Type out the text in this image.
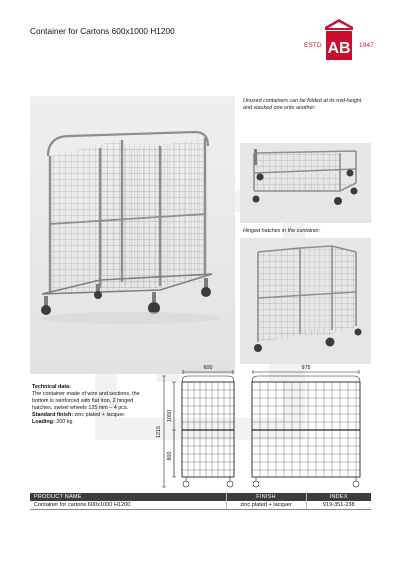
Container for Cartons 600x1000 H1200
ESTD AB 1947
Unused containers can be folded at its mid-height and stacked one onto another:
Hinged hatches in the container:
Technical data:
The container made of wire and sections, the bottom is reinforced with flat iron, 2 hinged hatches, swivel wheels 125 mm – 4 pcs.
Standard finish: zinc plated + lacquer.
Loading: 200 kg
600	975
1215
1050
800
PRODUCT NAME	FINISH	INDEX
Container for cartons 600x1000 H1200	zinc plated + lacquer	919-351-238
